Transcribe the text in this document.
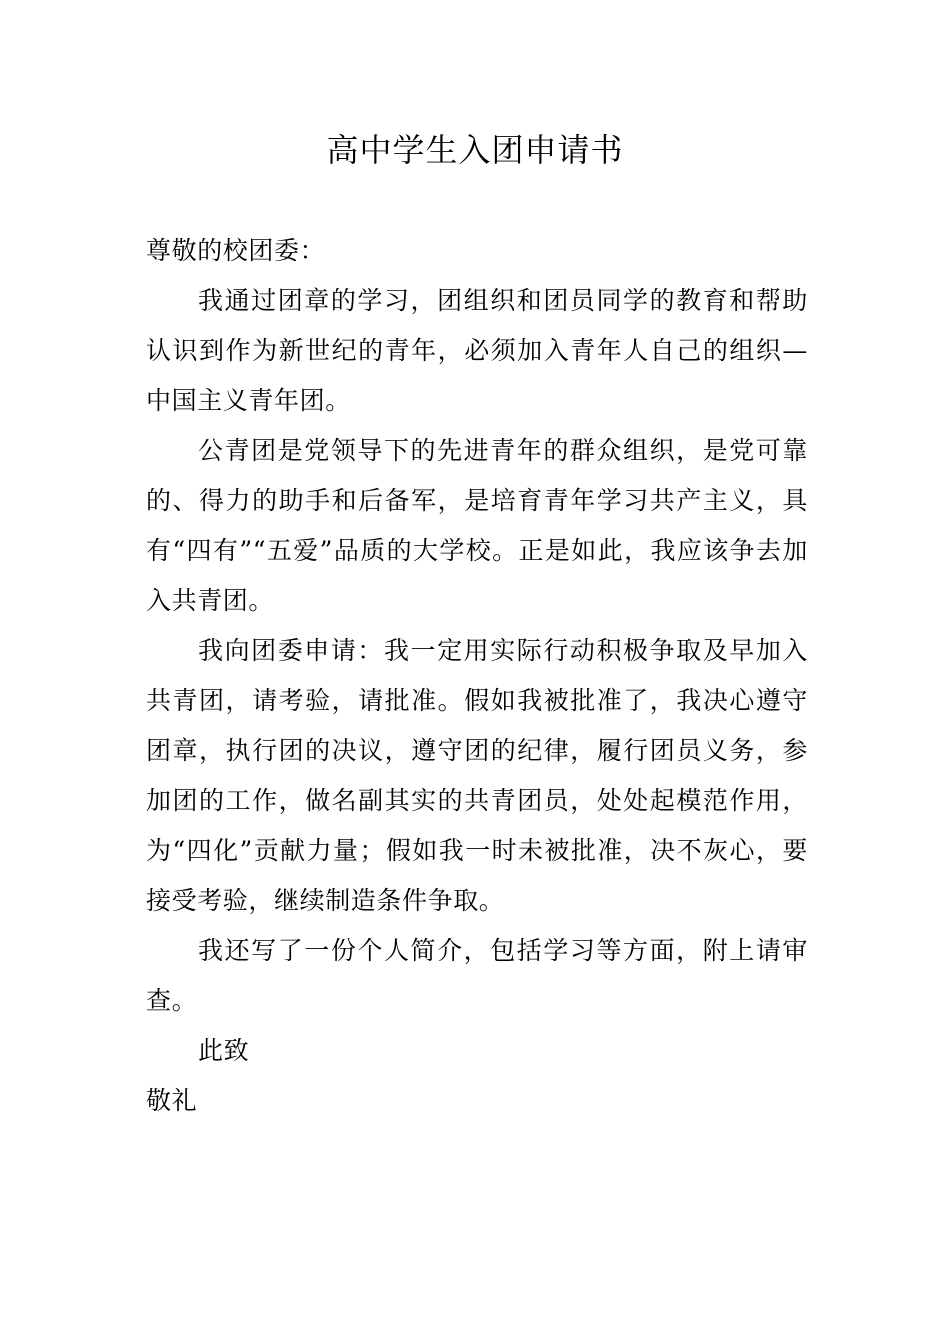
高中学生入团申请书

尊敬的校团委：

我通过团章的学习，团组织和团员同学的教育和帮助认识到作为新世纪的青年，必须加入青年人自己的组织—中国主义青年团。

公青团是党领导下的先进青年的群众组织，是党可靠的、得力的助手和后备军，是培育青年学习共产主义，具有“四有”“五爱”品质的大学校。正是如此，我应该争去加入共青团。

我向团委申请：我一定用实际行动积极争取及早加入共青团，请考验，请批准。假如我被批准了，我决心遵守团章，执行团的决议，遵守团的纪律，履行团员义务，参加团的工作，做名副其实的共青团员，处处起模范作用，为“四化”贡献力量；假如我一时未被批准，决不灰心，要接受考验，继续制造条件争取。

我还写了一份个人简介，包括学习等方面，附上请审查。

此致

敬礼
